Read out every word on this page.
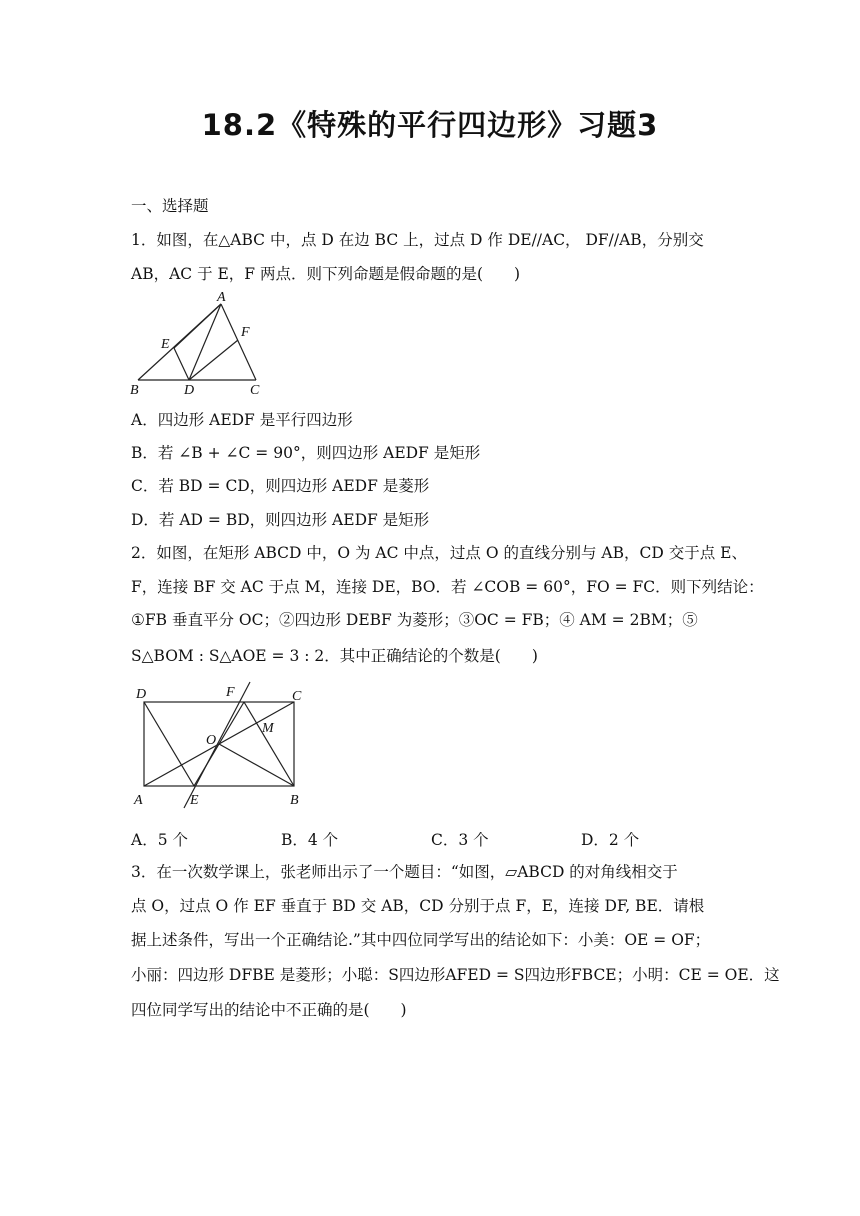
18.2《特殊的平行四边形》习题3
一、选择题
1．如图，在△ABC 中，点 D 在边 BC 上，过点 D 作 DE//AC， DF//AB，分别交
AB，AC 于 E，F 两点．则下列命题是假命题的是(　　)
A
E
F
B	D	C
A．四边形 AEDF 是平行四边形
B．若 ∠B + ∠C = 90°，则四边形 AEDF 是矩形
C．若 BD = CD，则四边形 AEDF 是菱形
D．若 AD = BD，则四边形 AEDF 是矩形
2．如图，在矩形 ABCD 中，O 为 AC 中点，过点 O 的直线分别与 AB，CD 交于点 E、
F，连接 BF 交 AC 于点 M，连接 DE，BO．若 ∠COB = 60°，FO = FC．则下列结论：
①FB 垂直平分 OC；②四边形 DEBF 为菱形；③OC = FB；④ AM = 2BM；⑤
S△BOM : S△AOE = 3 : 2．其中正确结论的个数是(　　)
D	F	C
O
M
A	E	B
A．5 个	B．4 个	C．3 个	D．2 个
3．在一次数学课上，张老师出示了一个题目：“如图，▱ABCD 的对角线相交于
点 O，过点 O 作 EF 垂直于 BD 交 AB，CD 分别于点 F，E，连接 DF, BE．请根
据上述条件，写出一个正确结论.”其中四位同学写出的结论如下：小美：OE = OF；
小丽：四边形 DFBE 是菱形；小聪：S四边形AFED = S四边形FBCE；小明：CE = OE．这
四位同学写出的结论中不正确的是(　　)
